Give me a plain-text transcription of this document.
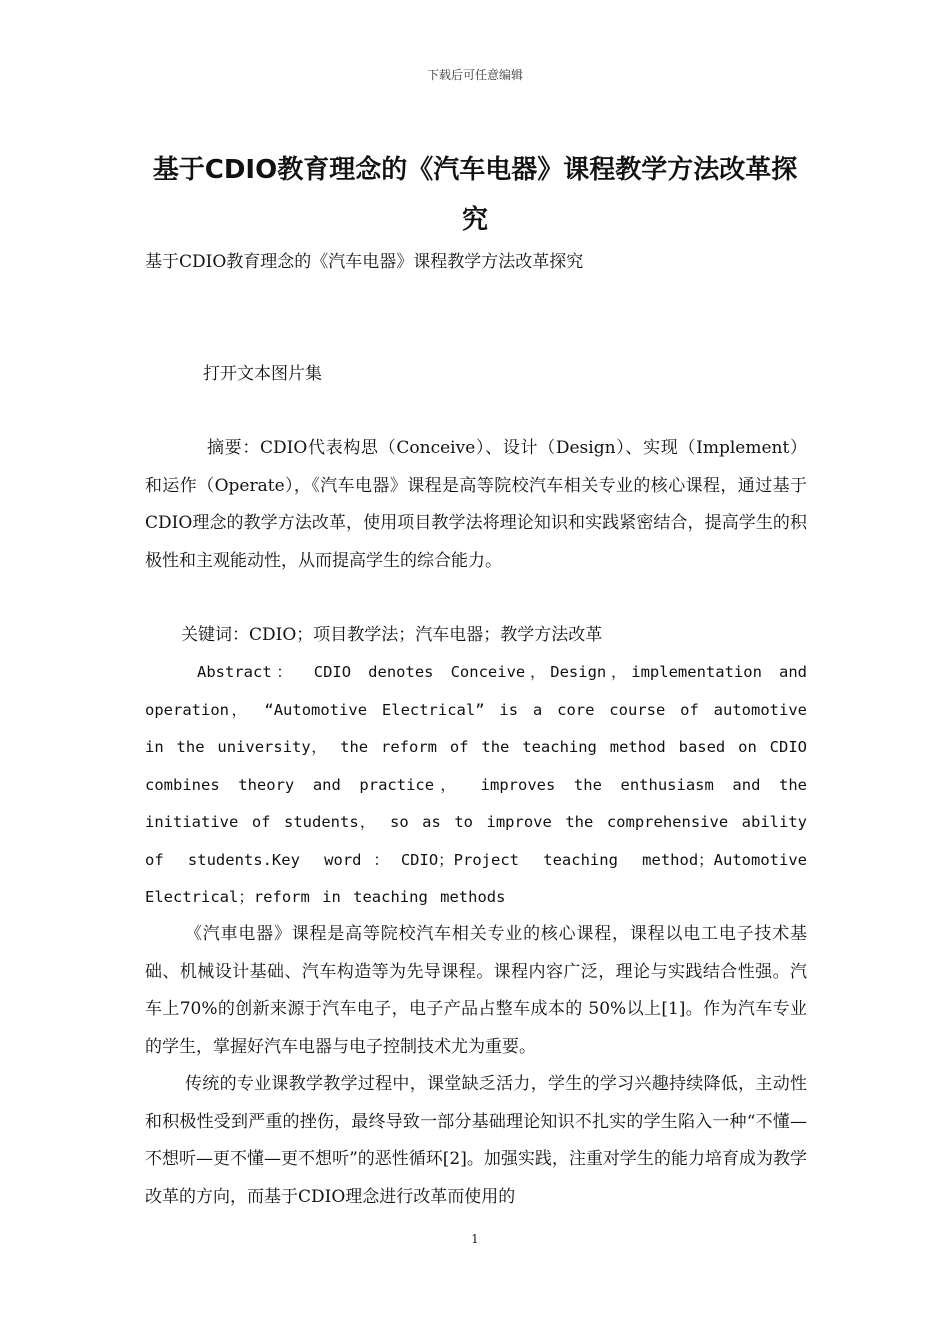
下载后可任意编辑
基于CDIO教育理念的《汽车电器》课程教学方法改革探究
基于CDIO教育理念的《汽车电器》课程教学方法改革探究
打开文本图片集

摘要：CDIO代表构思（Conceive）、设计（Design）、实现（Implement）和运作（Operate），《汽车电器》课程是高等院校汽车相关专业的核心课程，通过基于CDIO理念的教学方法改革，使用项目教学法将理论知识和实践紧密结合，提高学生的积极性和主观能动性，从而提高学生的综合能力。

关键词：CDIO；项目教学法；汽车电器；教学方法改革

Abstract： CDIO denotes Conceive，Design，implementation and operation， “Automotive Electrical” is a core course of automotive in the university， the reform of the teaching method based on CDIO combines theory and practice， improves the enthusiasm and the initiative of students， so as to improve the comprehensive ability of students.Key word：CDIO；Project teaching method；Automotive Electrical；reform in teaching methods

《汽車电器》课程是高等院校汽车相关专业的核心课程，课程以电工电子技术基础、机械设计基础、汽车构造等为先导课程。课程内容广泛，理论与实践结合性强。汽车上70%的创新来源于汽车电子，电子产品占整车成本的 50%以上[1]。作为汽车专业的学生，掌握好汽车电器与电子控制技术尤为重要。

传统的专业课教学教学过程中，课堂缺乏活力，学生的学习兴趣持续降低，主动性和积极性受到严重的挫伤，最终导致一部分基础理论知识不扎实的学生陷入一种“不懂—不想听—更不懂—更不想听”的恶性循环[2]。加强实践，注重对学生的能力培育成为教学改革的方向，而基于CDIO理念进行改革而使用的

1
